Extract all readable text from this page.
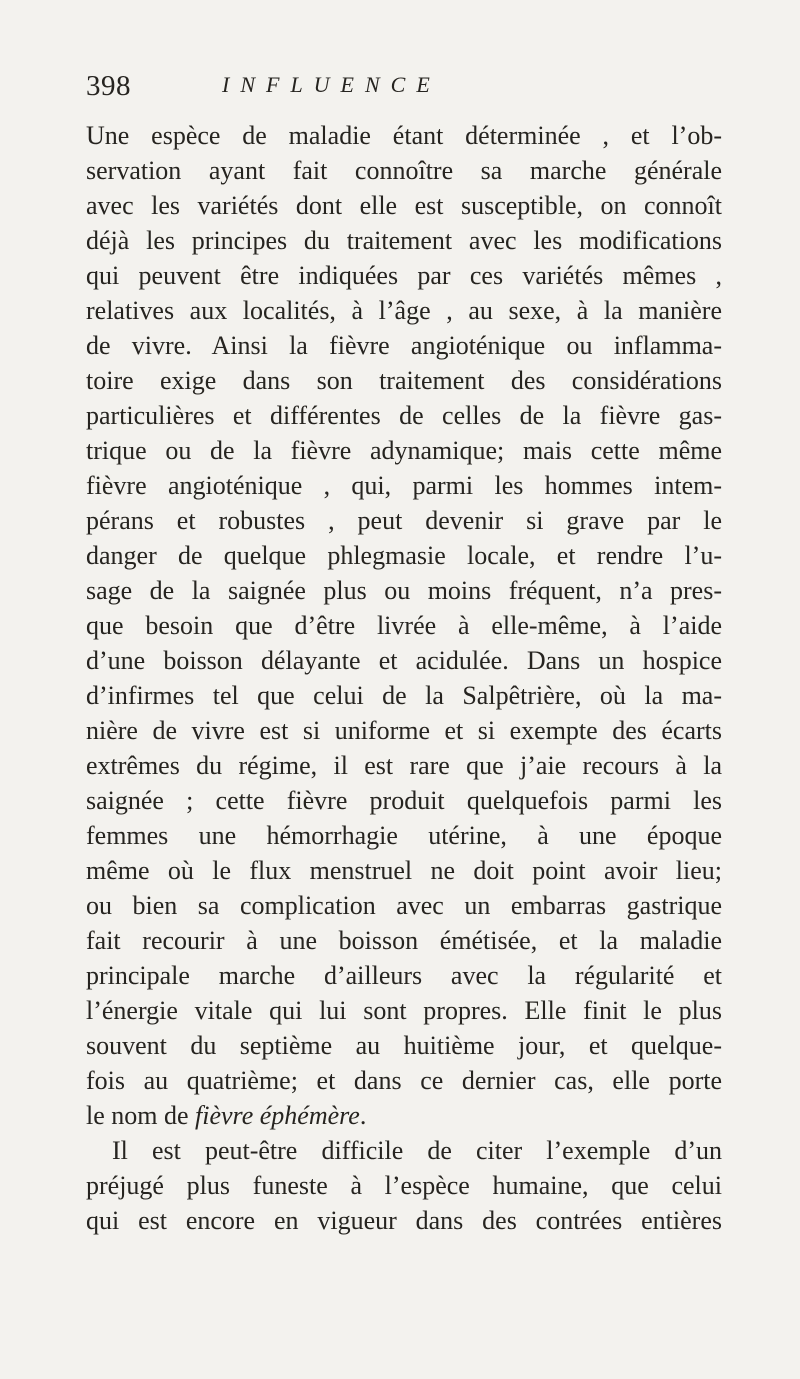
398	INFLUENCE
Une espèce de maladie étant déterminée , et l’ob-
servation ayant fait connoître sa marche générale
avec les variétés dont elle est susceptible, on connoît
déjà les principes du traitement avec les modifications
qui peuvent être indiquées par ces variétés mêmes ,
relatives aux localités, à l’âge , au sexe, à la manière
de vivre. Ainsi la fièvre angioténique ou inflamma-
toire exige dans son traitement des considérations
particulières et différentes de celles de la fièvre gas-
trique ou de la fièvre adynamique; mais cette même
fièvre angioténique , qui, parmi les hommes intem-
pérans et robustes , peut devenir si grave par le
danger de quelque phlegmasie locale, et rendre l’u-
sage de la saignée plus ou moins fréquent, n’a pres-
que besoin que d’être livrée à elle-même, à l’aide
d’une boisson délayante et acidulée. Dans un hospice
d’infirmes tel que celui de la Salpêtrière, où la ma-
nière de vivre est si uniforme et si exempte des écarts
extrêmes du régime, il est rare que j’aie recours à la
saignée ; cette fièvre produit quelquefois parmi les
femmes une hémorrhagie utérine, à une époque
même où le flux menstruel ne doit point avoir lieu;
ou bien sa complication avec un embarras gastrique
fait recourir à une boisson émétisée, et la maladie
principale marche d’ailleurs avec la régularité et
l’énergie vitale qui lui sont propres. Elle finit le plus
souvent du septième au huitième jour, et quelque-
fois au quatrième; et dans ce dernier cas, elle porte
le nom de fièvre éphémère.
Il est peut-être difficile de citer l’exemple d’un
préjugé plus funeste à l’espèce humaine, que celui
qui est encore en vigueur dans des contrées entières
